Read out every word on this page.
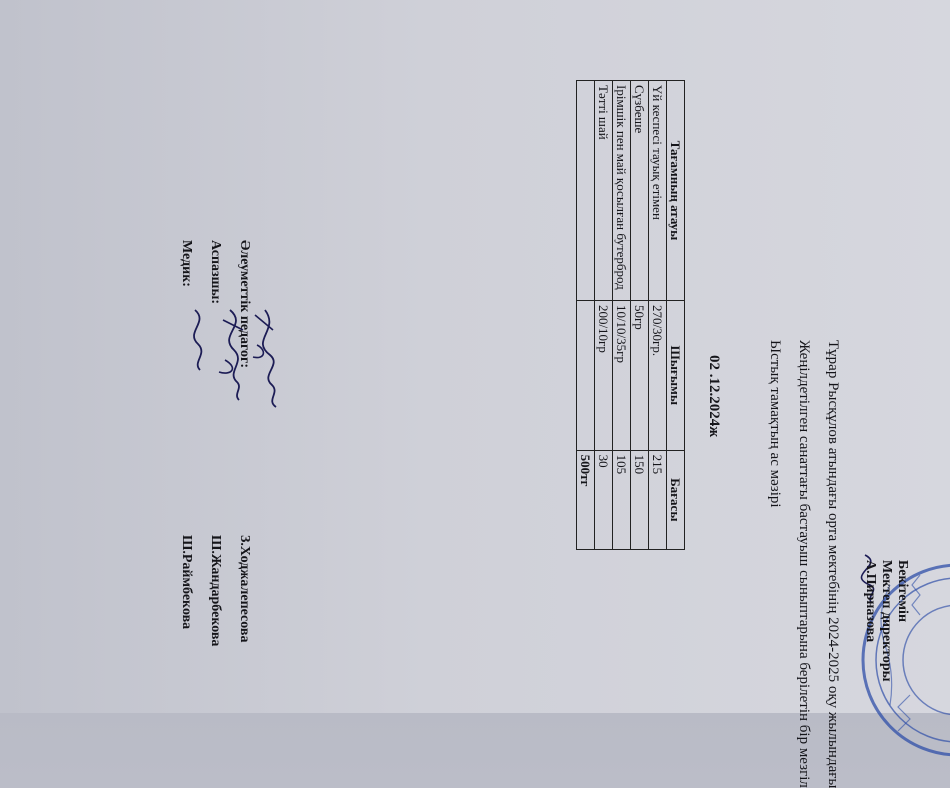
Бекітемін
Мектеп директоры
А.Пирназова
Тұрар Рысқұлов атындағы орта мектебінің 2024-2025 оқу жылындағы
Жеңілдетілген санаттағы бастауыш сыныптарына берілетін бір мезгіл
Ыстық тамақтың ас мәзірі
02 .12.2024ж
Тағамның атауы	Шығымы	Бағасы
Үй кеспесі тауық етімен	270/30гр.	215
Сүзбеше	50гр	150
Ірімшік пен май қосылған бутерброд	10/10/35гр	105
Тәтті шай	200/10гр	30
		500тг
Әлеуметтік педагог:
З.Ходжалепесова
Аспазшы:
Ш.Жандарбекова
Медик:
Ш.Раймбекова
